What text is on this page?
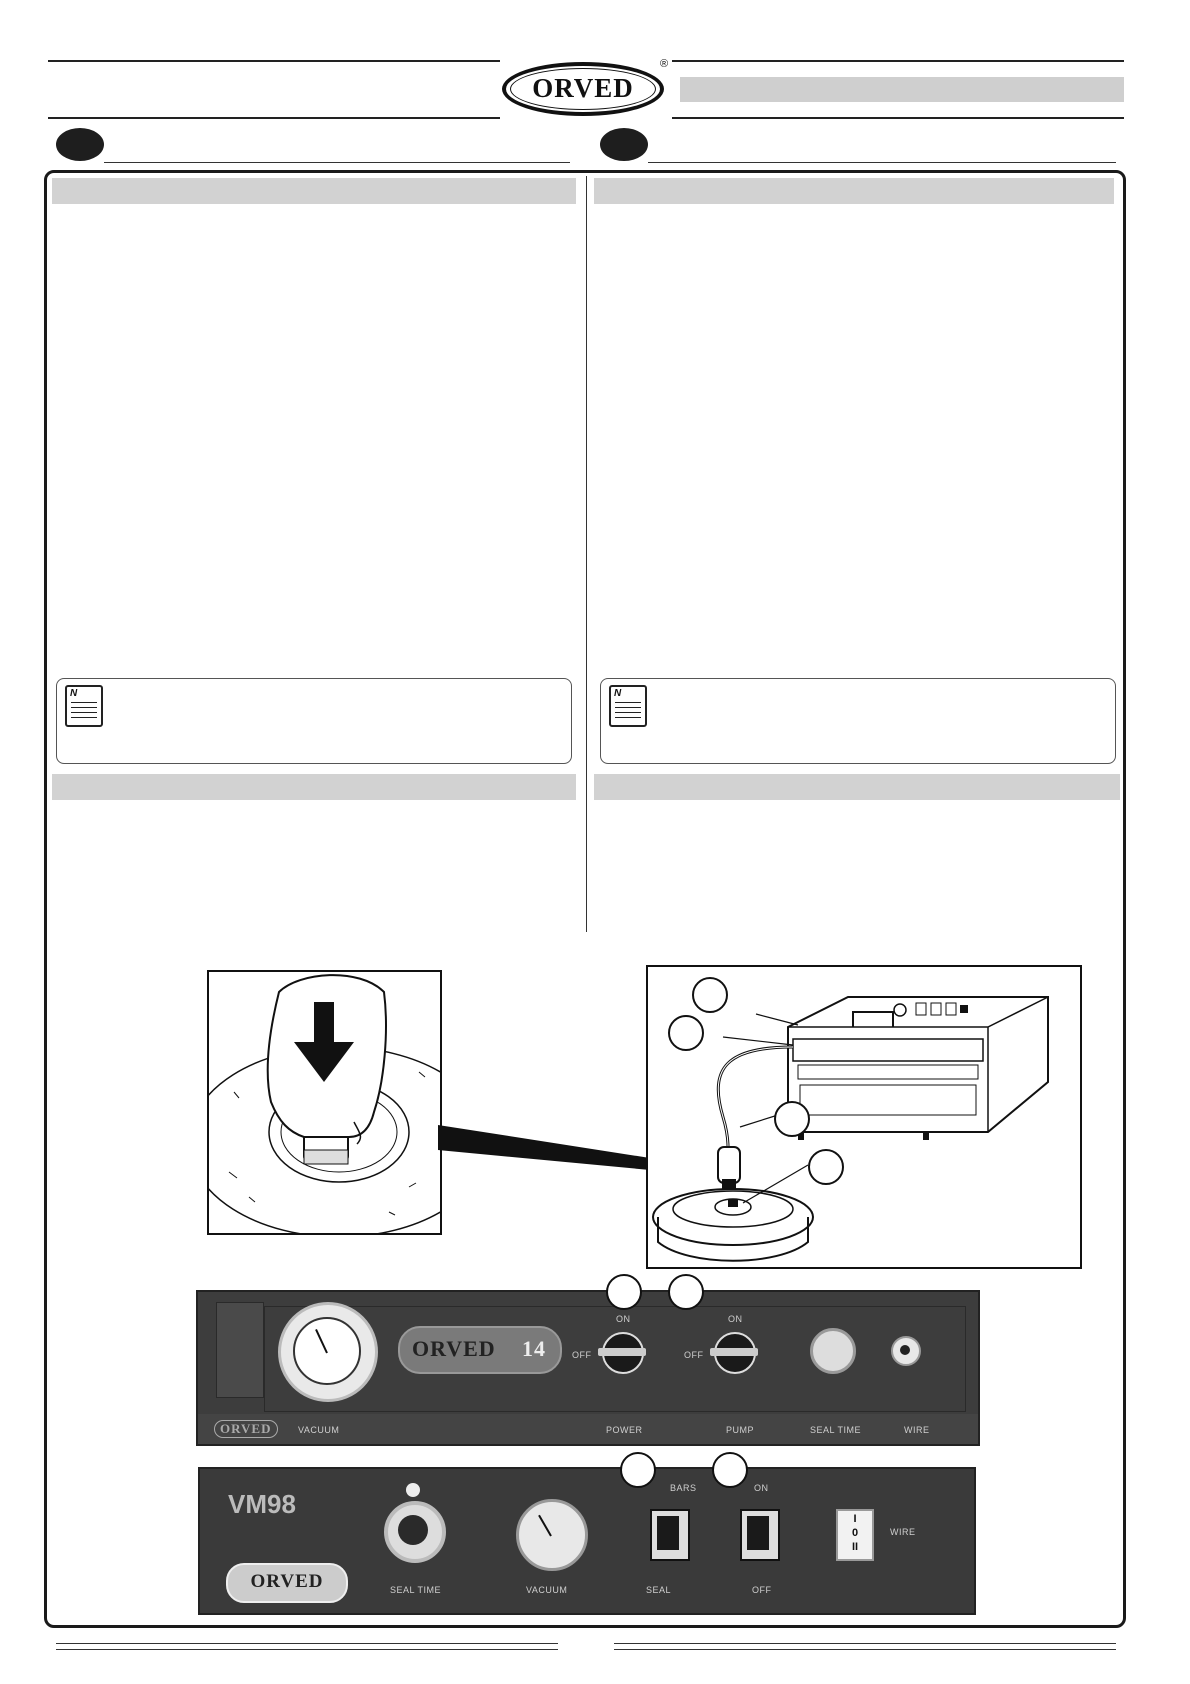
ORVED
®
N	N
ORVED 14
ON
OFF
ON
OFF
ORVED	VACUUM	POWER	PUMP	SEAL TIME	WIRE
VM98
ORVED	SEAL TIME	VACUUM
BARS
SEAL
ON
OFF
I
0
II
WIRE
